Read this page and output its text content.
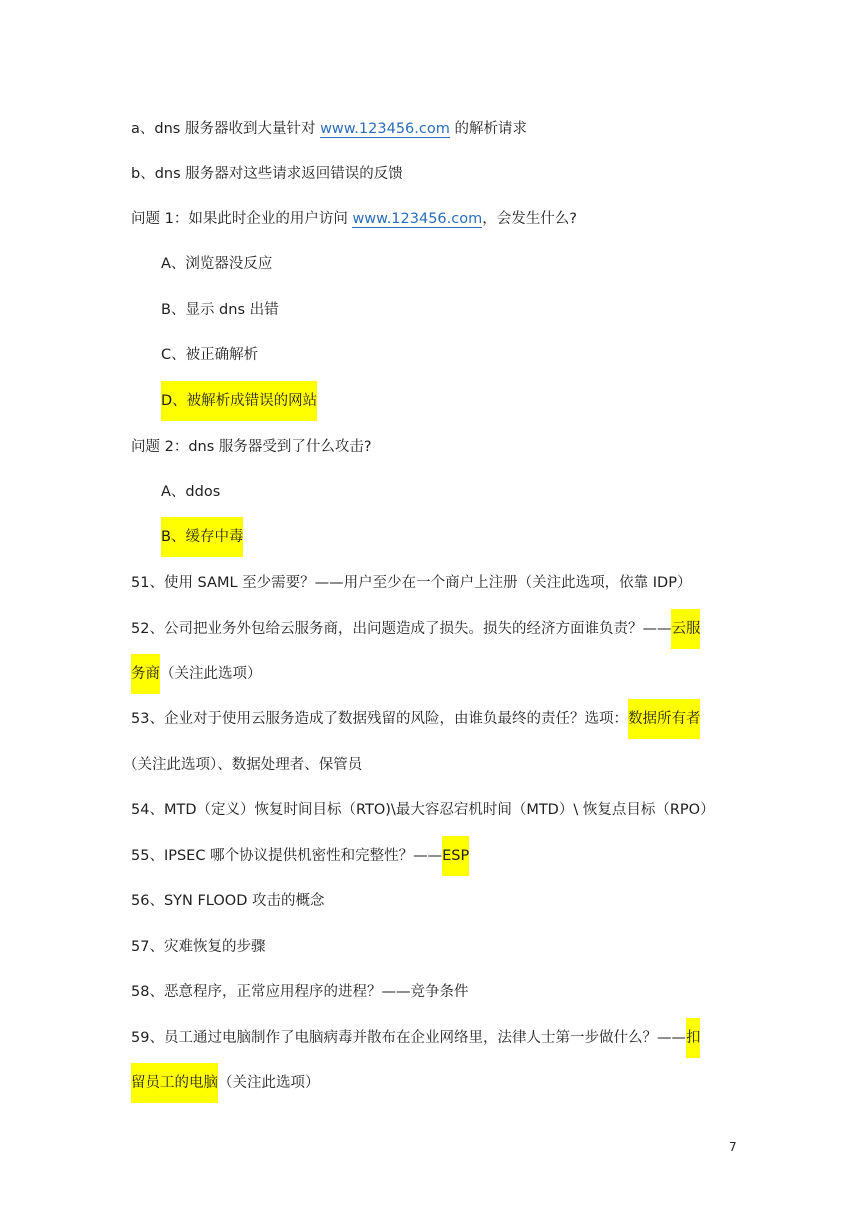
a、dns 服务器收到大量针对 www.123456.com 的解析请求
b、dns 服务器对这些请求返回错误的反馈
问题 1：如果此时企业的用户访问 www.123456.com，会发生什么?
A、浏览器没反应
B、显示 dns 出错
C、被正确解析
D、被解析成错误的网站
问题 2：dns 服务器受到了什么攻击?
A、ddos
B、缓存中毒
51、使用 SAML 至少需要？——用户至少在一个商户上注册（关注此选项，依靠 IDP）
52、公司把业务外包给云服务商，出问题造成了损失。损失的经济方面谁负责？——云服
务商（关注此选项）
53、企业对于使用云服务造成了数据残留的风险，由谁负最终的责任？选项：数据所有者
（关注此选项）、数据处理者、保管员
54、MTD（定义）恢复时间目标（RTO)\最大容忍宕机时间（MTD）\ 恢复点目标（RPO）
55、IPSEC 哪个协议提供机密性和完整性？——ESP
56、SYN FLOOD 攻击的概念
57、灾难恢复的步骤
58、恶意程序，正常应用程序的进程？——竞争条件
59、员工通过电脑制作了电脑病毒并散布在企业网络里，法律人士第一步做什么？——扣
留员工的电脑（关注此选项）
7
